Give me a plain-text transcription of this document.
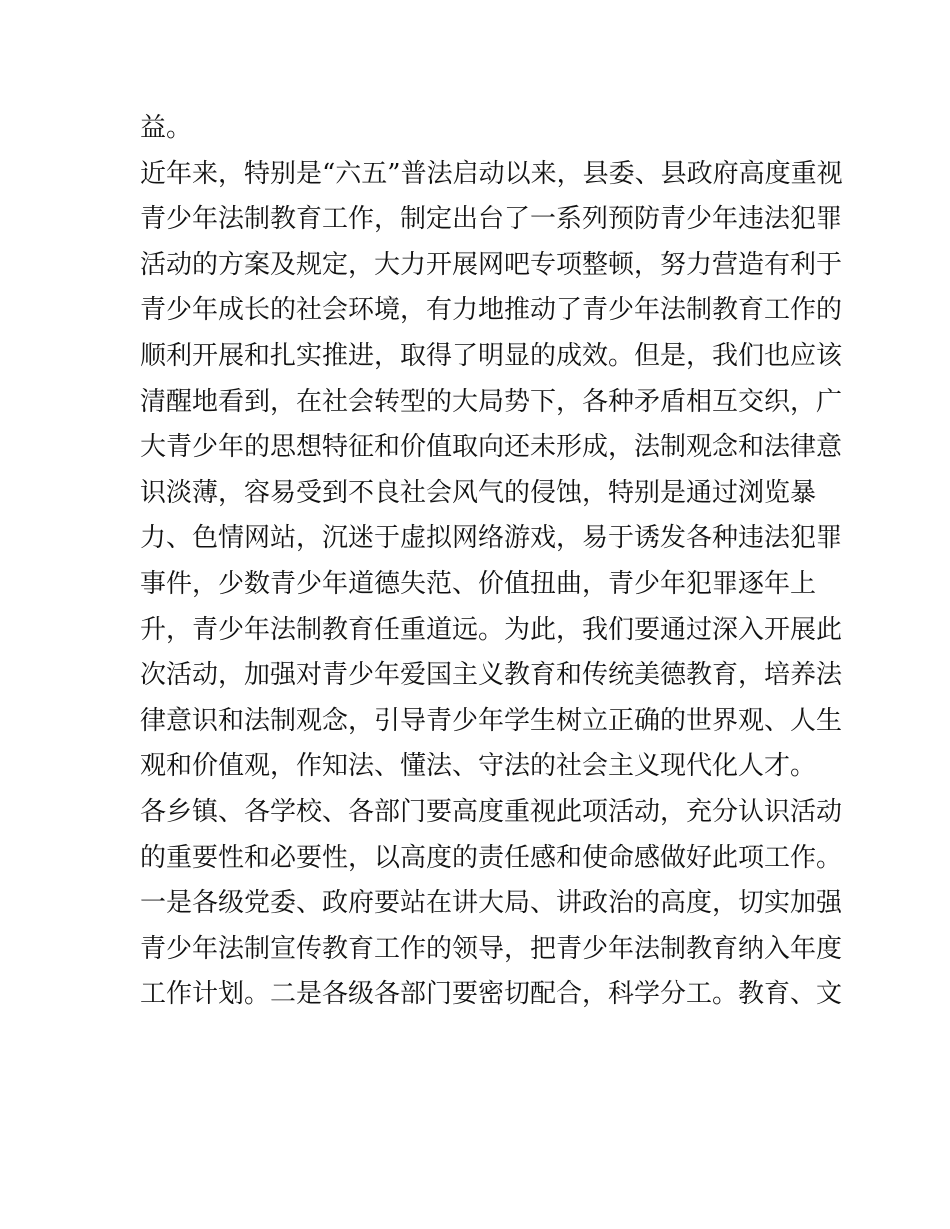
益。
近年来，特别是“六五”普法启动以来，县委、县政府高度重视
青少年法制教育工作，制定出台了一系列预防青少年违法犯罪
活动的方案及规定，大力开展网吧专项整顿，努力营造有利于
青少年成长的社会环境，有力地推动了青少年法制教育工作的
顺利开展和扎实推进，取得了明显的成效。但是，我们也应该
清醒地看到，在社会转型的大局势下，各种矛盾相互交织，广
大青少年的思想特征和价值取向还未形成，法制观念和法律意
识淡薄，容易受到不良社会风气的侵蚀，特别是通过浏览暴
力、色情网站，沉迷于虚拟网络游戏，易于诱发各种违法犯罪
事件，少数青少年道德失范、价值扭曲，青少年犯罪逐年上
升，青少年法制教育任重道远。为此，我们要通过深入开展此
次活动，加强对青少年爱国主义教育和传统美德教育，培养法
律意识和法制观念，引导青少年学生树立正确的世界观、人生
观和价值观，作知法、懂法、守法的社会主义现代化人才。
各乡镇、各学校、各部门要高度重视此项活动，充分认识活动
的重要性和必要性，以高度的责任感和使命感做好此项工作。
一是各级党委、政府要站在讲大局、讲政治的高度，切实加强
青少年法制宣传教育工作的领导，把青少年法制教育纳入年度
工作计划。二是各级各部门要密切配合，科学分工。教育、文
